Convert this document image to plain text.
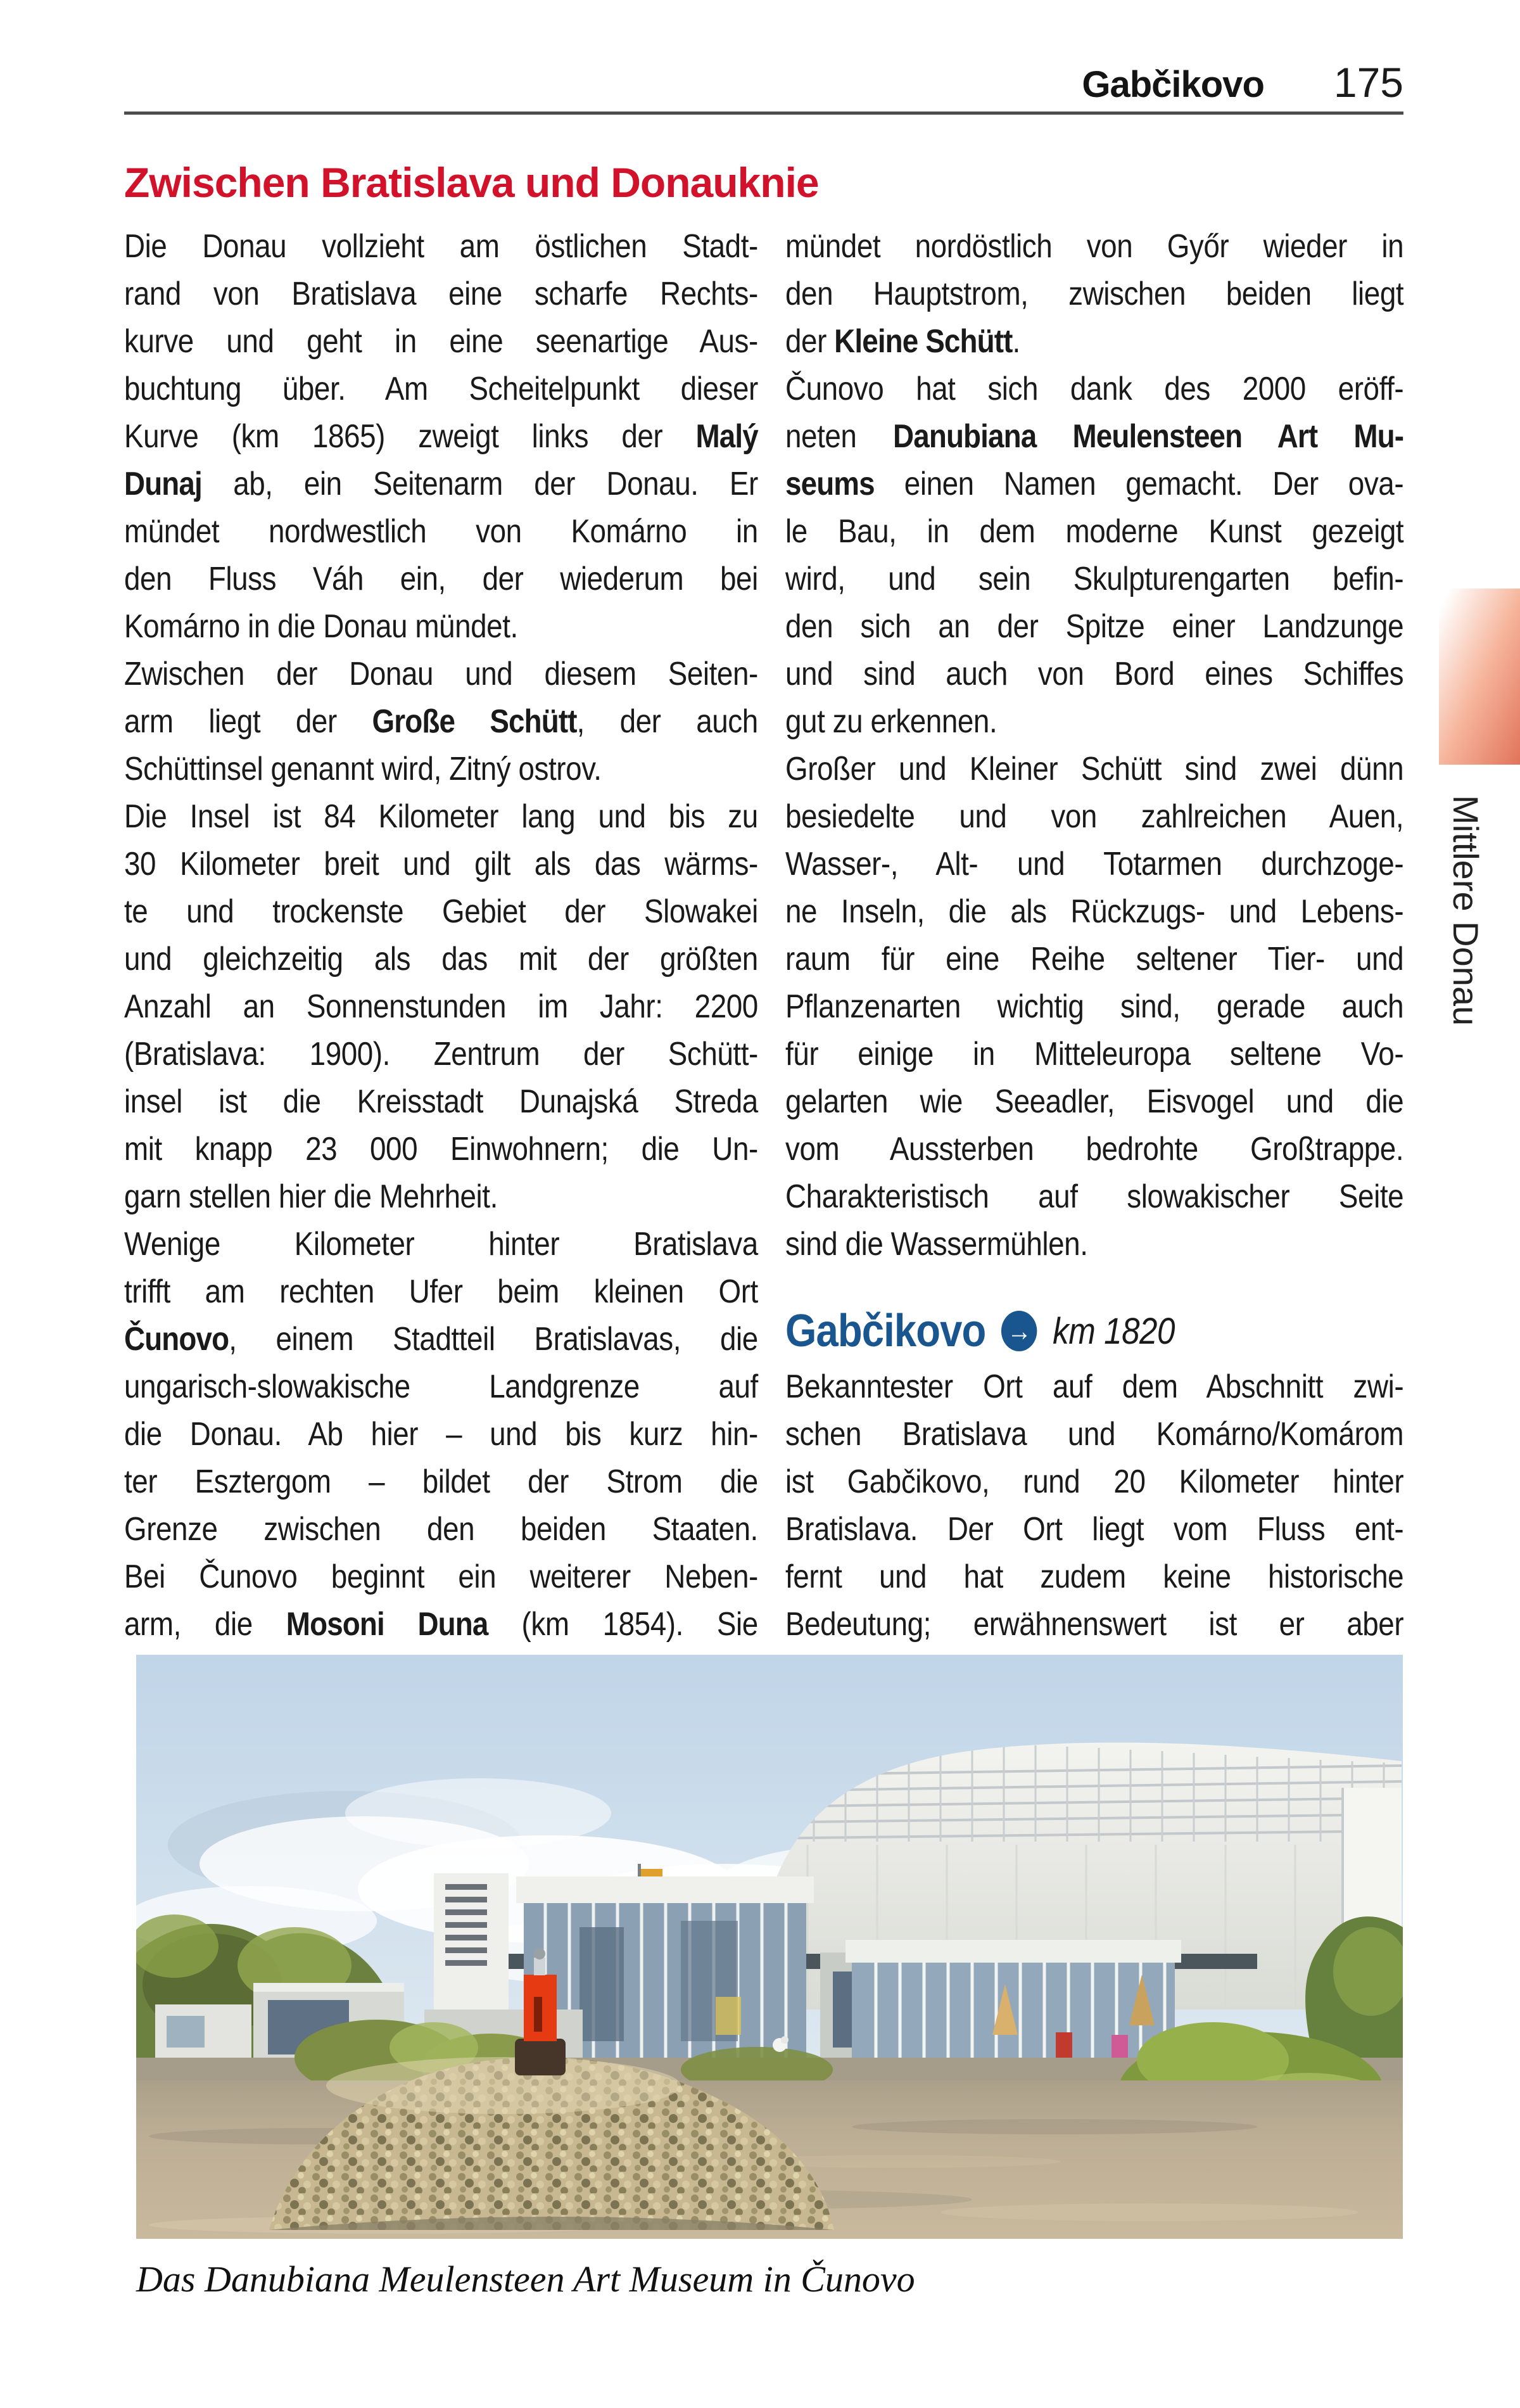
Gabčikovo 175
Zwischen Bratislava und Donauknie
Die Donau vollzieht am östlichen Stadt-
rand von Bratislava eine scharfe Rechts-
kurve und geht in eine seenartige Aus-
buchtung über. Am Scheitelpunkt dieser
Kurve (km 1865) zweigt links der Malý
Dunaj ab, ein Seitenarm der Donau. Er
mündet nordwestlich von Komárno in
den Fluss Váh ein, der wiederum bei
Komárno in die Donau mündet.
Zwischen der Donau und diesem Seiten-
arm liegt der Große Schütt, der auch
Schüttinsel genannt wird, Zitný ostrov.
Die Insel ist 84 Kilometer lang und bis zu
30 Kilometer breit und gilt als das wärms-
te und trockenste Gebiet der Slowakei
und gleichzeitig als das mit der größten
Anzahl an Sonnenstunden im Jahr: 2200
(Bratislava: 1900). Zentrum der Schütt-
insel ist die Kreisstadt Dunajská Streda
mit knapp 23 000 Einwohnern; die Un-
garn stellen hier die Mehrheit.
Wenige Kilometer hinter Bratislava
trifft am rechten Ufer beim kleinen Ort
Čunovo, einem Stadtteil Bratislavas, die
ungarisch-slowakische Landgrenze auf
die Donau. Ab hier – und bis kurz hin-
ter Esztergom – bildet der Strom die
Grenze zwischen den beiden Staaten.
Bei Čunovo beginnt ein weiterer Neben-
arm, die Mosoni Duna (km 1854). Sie
mündet nordöstlich von Győr wieder in
den Hauptstrom, zwischen beiden liegt
der Kleine Schütt.
Čunovo hat sich dank des 2000 eröff-
neten Danubiana Meulensteen Art Mu-
seums einen Namen gemacht. Der ova-
le Bau, in dem moderne Kunst gezeigt
wird, und sein Skulpturengarten befin-
den sich an der Spitze einer Landzunge
und sind auch von Bord eines Schiffes
gut zu erkennen.
Großer und Kleiner Schütt sind zwei dünn
besiedelte und von zahlreichen Auen,
Wasser-, Alt- und Totarmen durchzoge-
ne Inseln, die als Rückzugs- und Lebens-
raum für eine Reihe seltener Tier- und
Pflanzenarten wichtig sind, gerade auch
für einige in Mitteleuropa seltene Vo-
gelarten wie Seeadler, Eisvogel und die
vom Aussterben bedrohte Großtrappe.
Charakteristisch auf slowakischer Seite
sind die Wassermühlen.
Gabčikovo → km 1820
Bekanntester Ort auf dem Abschnitt zwi-
schen Bratislava und Komárno/Komárom
ist Gabčikovo, rund 20 Kilometer hinter
Bratislava. Der Ort liegt vom Fluss ent-
fernt und hat zudem keine historische
Bedeutung; erwähnenswert ist er aber
Mittlere Donau
Das Danubiana Meulensteen Art Museum in Čunovo
